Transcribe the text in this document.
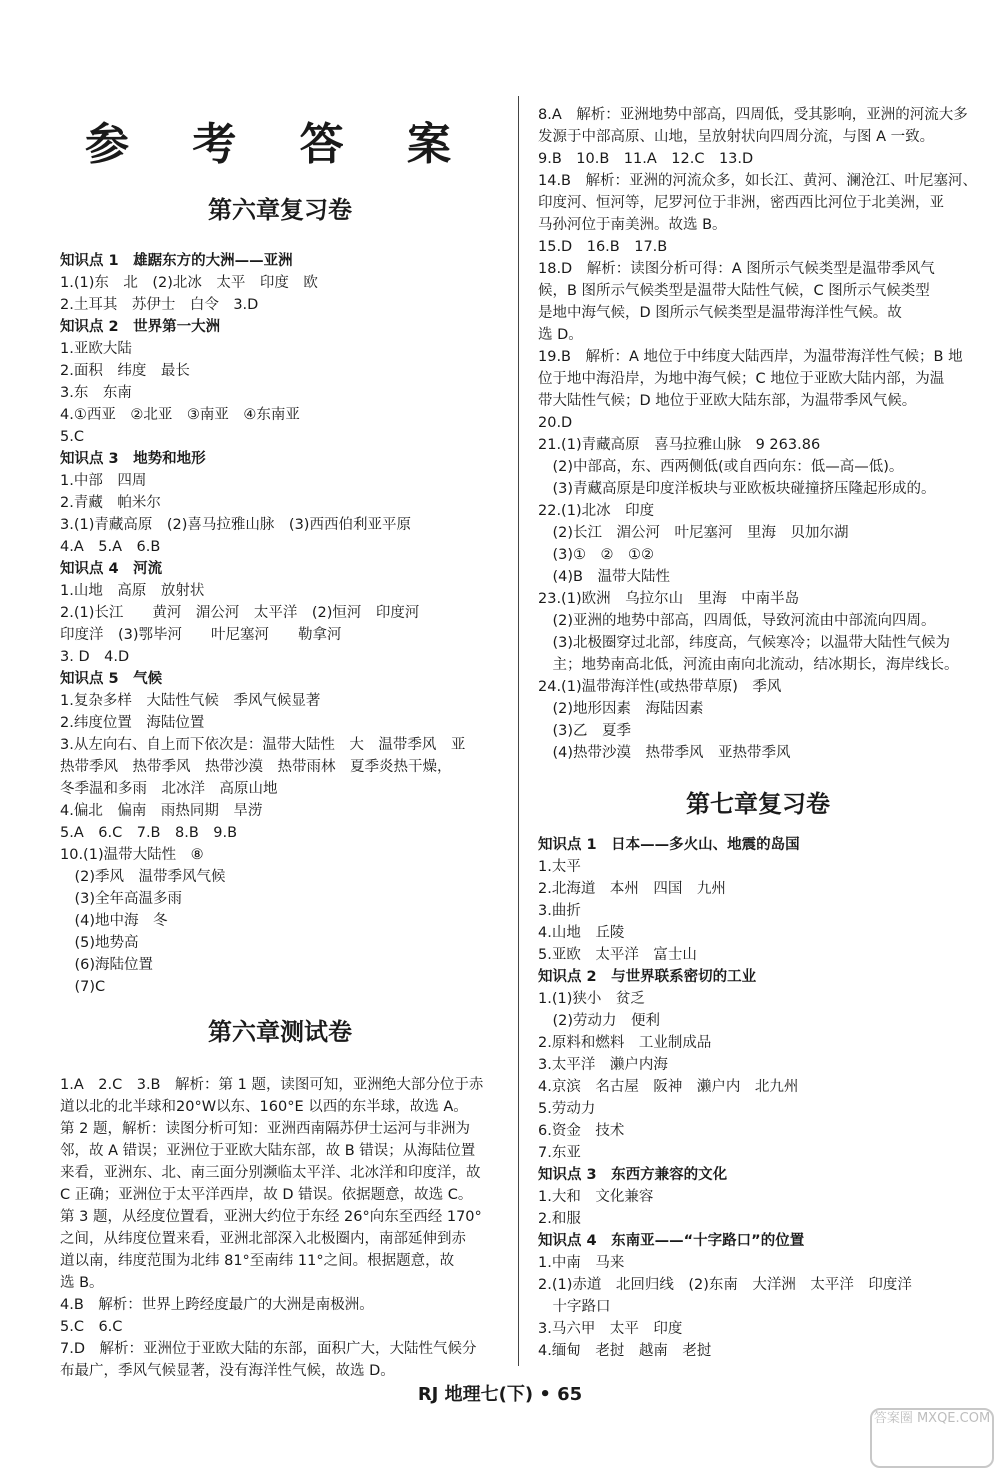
参 考 答 案
第六章复习卷
第六章测试卷
第七章复习卷
知识点 1　雄踞东方的大洲——亚洲
1.(1)东　北　(2)北冰　太平　印度　欧
2.土耳其　苏伊士　白令　3.D
知识点 2　世界第一大洲
1.亚欧大陆
2.面积　纬度　最长
3.东　东南
4.①西亚　②北亚　③南亚　④东南亚
5.C
知识点 3　地势和地形
1.中部　四周
2.青藏　帕米尔
3.(1)青藏高原　(2)喜马拉雅山脉　(3)西西伯利亚平原
4.A　5.A　6.B
知识点 4　河流
1.山地　高原　放射状
2.(1)长江　　黄河　湄公河　太平洋　(2)恒河　印度河
印度洋　(3)鄂毕河　　叶尼塞河　　勒拿河
3. D　4.D
知识点 5　气候
1.复杂多样　大陆性气候　季风气候显著
2.纬度位置　海陆位置
3.从左向右、自上而下依次是：温带大陆性　大　温带季风　亚
热带季风　热带季风　热带沙漠　热带雨林　夏季炎热干燥，
冬季温和多雨　北冰洋　高原山地
4.偏北　偏南　雨热同期　旱涝
5.A　6.C　7.B　8.B　9.B
10.(1)温带大陆性　⑧
　(2)季风　温带季风气候
　(3)全年高温多雨
　(4)地中海　冬
　(5)地势高
　(6)海陆位置
　(7)C
1.A　2.C　3.B　解析：第 1 题，读图可知，亚洲绝大部分位于赤
道以北的北半球和20°W以东、160°E 以西的东半球，故选 A。
第 2 题，解析：读图分析可知：亚洲西南隔苏伊士运河与非洲为
邻，故 A 错误；亚洲位于亚欧大陆东部，故 B 错误；从海陆位置
来看，亚洲东、北、南三面分别濒临太平洋、北冰洋和印度洋，故
C 正确；亚洲位于太平洋西岸，故 D 错误。依据题意，故选 C。
第 3 题，从经度位置看，亚洲大约位于东经 26°向东至西经 170°
之间，从纬度位置来看，亚洲北部深入北极圈内，南部延伸到赤
道以南，纬度范围为北纬 81°至南纬 11°之间。根据题意，故
选 B。
4.B　解析：世界上跨经度最广的大洲是南极洲。
5.C　6.C
7.D　解析：亚洲位于亚欧大陆的东部，面积广大，大陆性气候分
布最广，季风气候显著，没有海洋性气候，故选 D。
8.A　解析：亚洲地势中部高，四周低，受其影响，亚洲的河流大多
发源于中部高原、山地，呈放射状向四周分流，与图 A 一致。
9.B　10.B　11.A　12.C　13.D
14.B　解析：亚洲的河流众多，如长江、黄河、澜沧江、叶尼塞河、
印度河、恒河等，尼罗河位于非洲，密西西比河位于北美洲，亚
马孙河位于南美洲。故选 B。
15.D　16.B　17.B
18.D　解析：读图分析可得：A 图所示气候类型是温带季风气
候，B 图所示气候类型是温带大陆性气候，C 图所示气候类型
是地中海气候，D 图所示气候类型是温带海洋性气候。故
选 D。
19.B　解析：A 地位于中纬度大陆西岸，为温带海洋性气候；B 地
位于地中海沿岸，为地中海气候；C 地位于亚欧大陆内部，为温
带大陆性气候；D 地位于亚欧大陆东部，为温带季风气候。
20.D
21.(1)青藏高原　喜马拉雅山脉　9 263.86
　(2)中部高，东、西两侧低(或自西向东：低—高—低)。
　(3)青藏高原是印度洋板块与亚欧板块碰撞挤压隆起形成的。
22.(1)北冰　印度
　(2)长江　湄公河　叶尼塞河　里海　贝加尔湖
　(3)①　②　①②
　(4)B　温带大陆性
23.(1)欧洲　乌拉尔山　里海　中南半岛
　(2)亚洲的地势中部高，四周低，导致河流由中部流向四周。
　(3)北极圈穿过北部，纬度高，气候寒冷；以温带大陆性气候为
　主；地势南高北低，河流由南向北流动，结冰期长，海岸线长。
24.(1)温带海洋性(或热带草原)　季风
　(2)地形因素　海陆因素
　(3)乙　夏季
　(4)热带沙漠　热带季风　亚热带季风
知识点 1　日本——多火山、地震的岛国
1.太平
2.北海道　本州　四国　九州
3.曲折
4.山地　丘陵
5.亚欧　太平洋　富士山
知识点 2　与世界联系密切的工业
1.(1)狭小　贫乏
　(2)劳动力　便利
2.原料和燃料　工业制成品
3.太平洋　濑户内海
4.京滨　名古屋　阪神　濑户内　北九州
5.劳动力
6.资金　技术
7.东亚
知识点 3　东西方兼容的文化
1.大和　文化兼容
2.和服
知识点 4　东南亚——“十字路口”的位置
1.中南　马来
2.(1)赤道　北回归线　(2)东南　大洋洲　太平洋　印度洋
　十字路口
3.马六甲　太平　印度
4.缅甸　老挝　越南　老挝
RJ 地理七(下) • 65
答案圈 MXQE.COM
